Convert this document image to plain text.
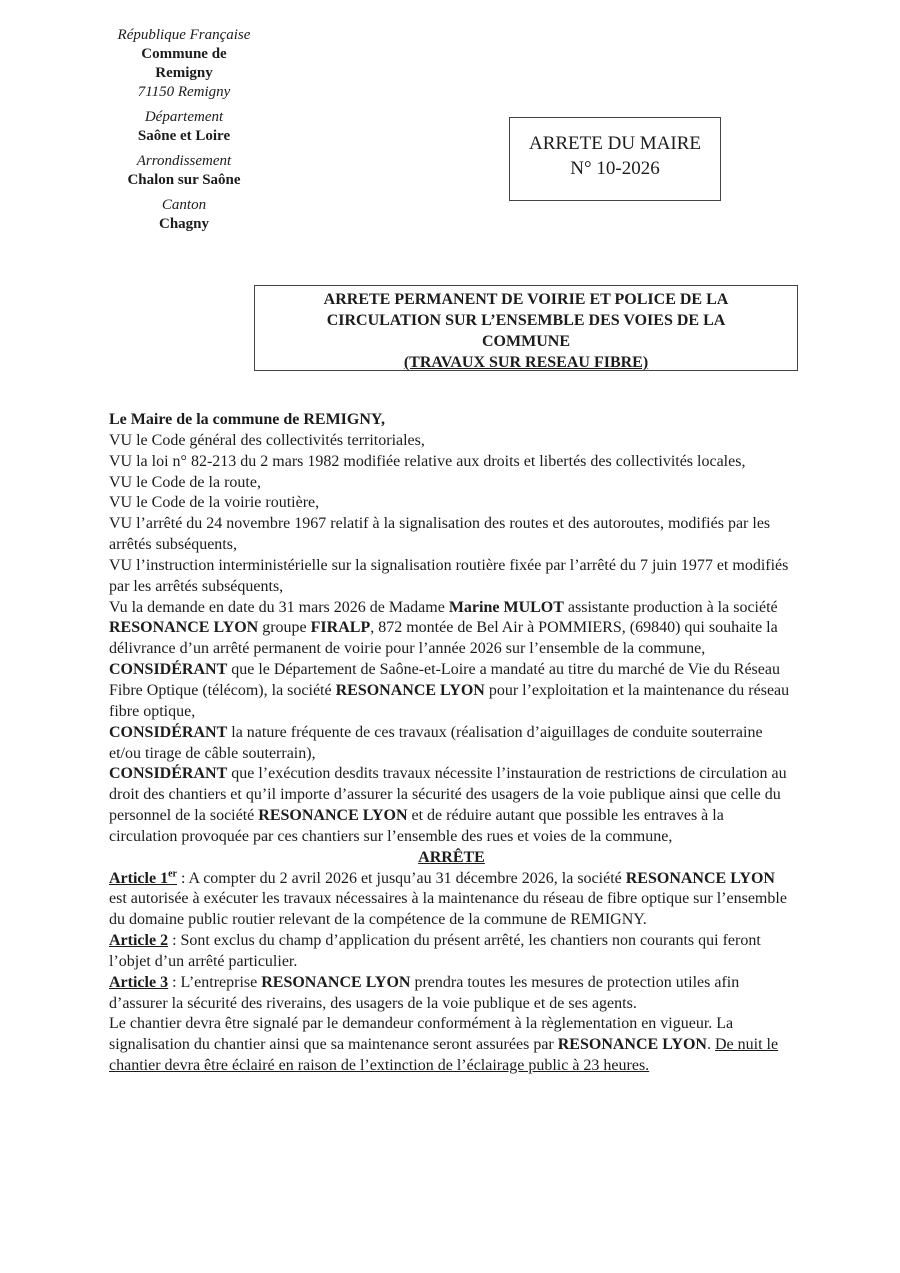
République Française
Commune de
Remigny
71150 Remigny
Département
Saône et Loire
Arrondissement
Chalon sur Saône
Canton
Chagny
ARRETE DU MAIRE
N° 10-2026
ARRETE PERMANENT DE VOIRIE ET POLICE DE LA
CIRCULATION SUR L’ENSEMBLE DES VOIES DE LA
COMMUNE
(TRAVAUX SUR RESEAU FIBRE)

Le Maire de la commune de REMIGNY,

VU le Code général des collectivités territoriales,

VU la loi n° 82-213 du 2 mars 1982 modifiée relative aux droits et libertés des collectivités locales,

VU le Code de la route,

VU le Code de la voirie routière,

VU l’arrêté du 24 novembre 1967 relatif à la signalisation des routes et des autoroutes, modifiés par les arrêtés subséquents,

VU l’instruction interministérielle sur la signalisation routière fixée par l’arrêté du 7 juin 1977 et modifiés par les arrêtés subséquents,

Vu la demande en date du 31 mars 2026 de Madame Marine MULOT assistante production à la société RESONANCE LYON groupe FIRALP, 872 montée de Bel Air à POMMIERS, (69840) qui souhaite la délivrance d’un arrêté permanent de voirie pour l’année 2026 sur l’ensemble de la commune,

CONSIDÉRANT que le Département de Saône-et-Loire a mandaté au titre du marché de Vie du Réseau Fibre Optique (télécom), la société RESONANCE LYON pour l’exploitation et la maintenance du réseau fibre optique,

CONSIDÉRANT la nature fréquente de ces travaux (réalisation d’aiguillages de conduite souterraine et/ou tirage de câble souterrain),

CONSIDÉRANT que l’exécution desdits travaux nécessite l’instauration de restrictions de circulation au droit des chantiers et qu’il importe d’assurer la sécurité des usagers de la voie publique ainsi que celle du personnel de la société RESONANCE LYON et de réduire autant que possible les entraves à la circulation provoquée par ces chantiers sur l’ensemble des rues et voies de la commune,

ARRÊTE

Article 1er : A compter du 2 avril 2026 et jusqu’au 31 décembre 2026, la société RESONANCE LYON est autorisée à exécuter les travaux nécessaires à la maintenance du réseau de fibre optique sur l’ensemble du domaine public routier relevant de la compétence de la commune de REMIGNY.

Article 2 : Sont exclus du champ d’application du présent arrêté, les chantiers non courants qui feront l’objet d’un arrêté particulier.

Article 3 : L’entreprise RESONANCE LYON prendra toutes les mesures de protection utiles afin d’assurer la sécurité des riverains, des usagers de la voie publique et de ses agents.

Le chantier devra être signalé par le demandeur conformément à la règlementation en vigueur. La signalisation du chantier ainsi que sa maintenance seront assurées par RESONANCE LYON. De nuit le chantier devra être éclairé en raison de l’extinction de l’éclairage public à 23 heures.
